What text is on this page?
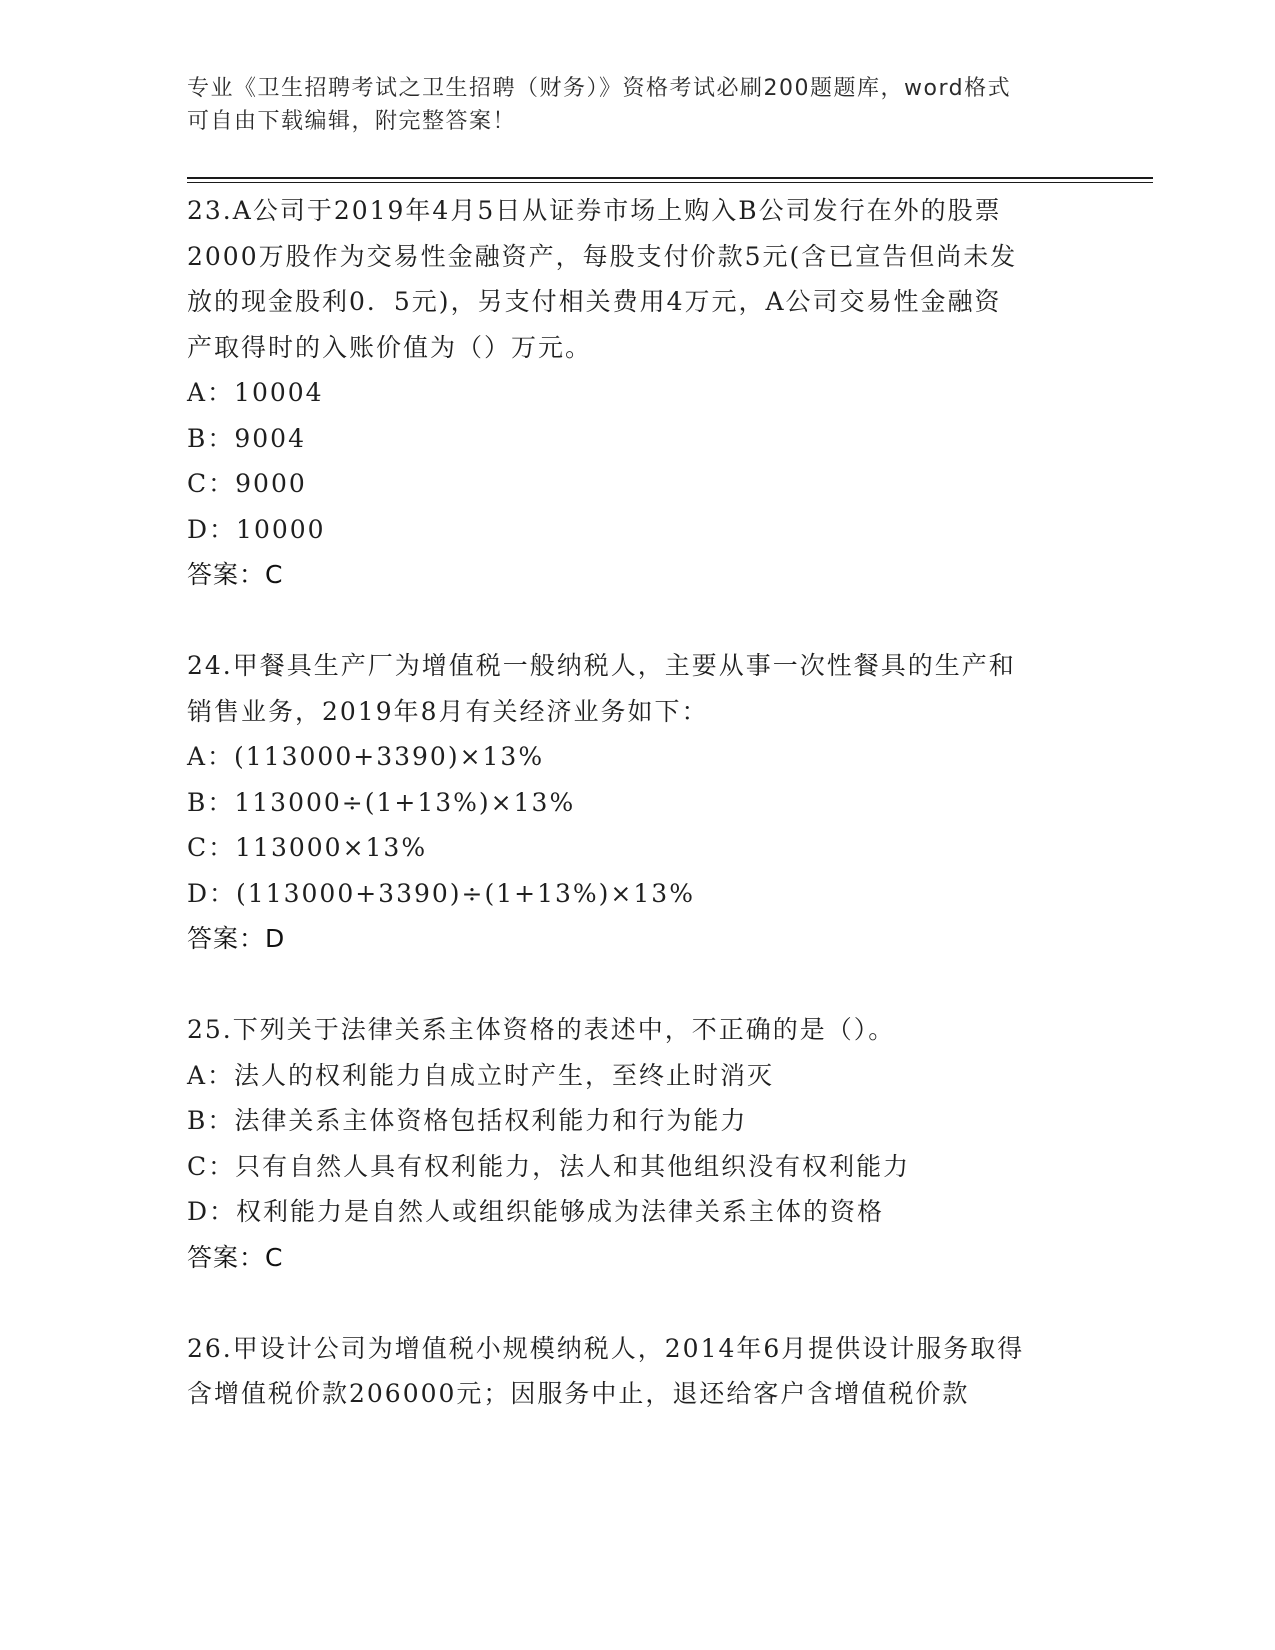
专业《卫生招聘考试之卫生招聘（财务）》资格考试必刷200题题库，word格式
可自由下载编辑，附完整答案！
23.A公司于2019年4月5日从证券市场上购入B公司发行在外的股票
2000万股作为交易性金融资产，每股支付价款5元(含已宣告但尚未发
放的现金股利0．5元)，另支付相关费用4万元，A公司交易性金融资
产取得时的入账价值为（）万元。
A：10004
B：9004
C：9000
D：10000
答案：C
24.甲餐具生产厂为增值税一般纳税人，主要从事一次性餐具的生产和
销售业务，2019年8月有关经济业务如下：
A：(113000+3390)×13%
B：113000÷(1+13%)×13%
C：113000×13%
D：(113000+3390)÷(1+13%)×13%
答案：D
25.下列关于法律关系主体资格的表述中，不正确的是（）。
A：法人的权利能力自成立时产生，至终止时消灭
B：法律关系主体资格包括权利能力和行为能力
C：只有自然人具有权利能力，法人和其他组织没有权利能力
D：权利能力是自然人或组织能够成为法律关系主体的资格
答案：C
26.甲设计公司为增值税小规模纳税人，2014年6月提供设计服务取得
含增值税价款206000元；因服务中止，退还给客户含增值税价款
